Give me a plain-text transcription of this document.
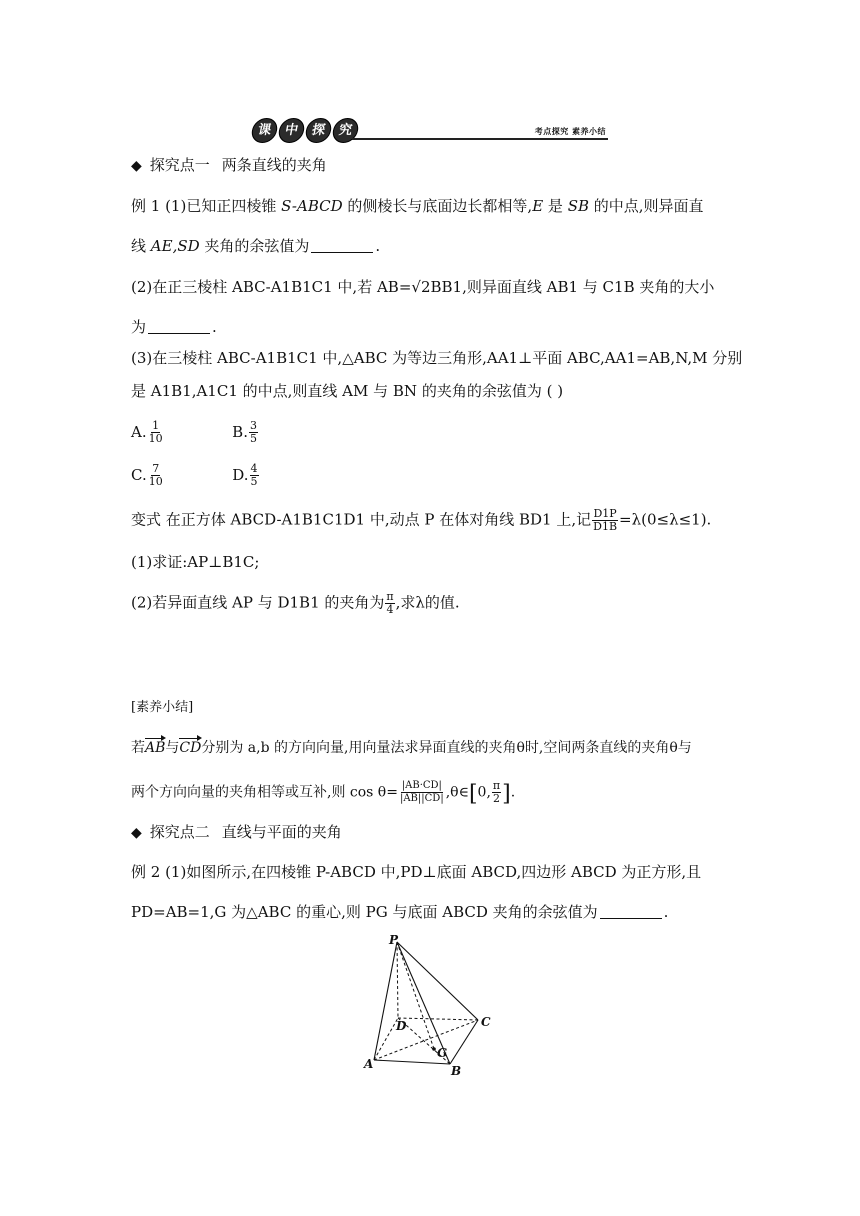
课 中 探 究	考点探究 素养小结
◆ 探究点一 两条直线的夹角
例 1 (1)已知正四棱锥 S-ABCD 的侧棱长与底面边长都相等,E 是 SB 的中点,则异面直
线 AE,SD 夹角的余弦值为	.
(2)在正三棱柱 ABC-A1B1C1 中,若 AB=√2BB1,则异面直线 AB1 与 C1B 夹角的大小
为	.
(3)在三棱柱 ABC-A1B1C1 中,△ABC 为等边三角形,AA1⊥平面 ABC,AA1=AB,N,M 分别
是 A1B1,A1C1 的中点,则直线 AM 与 BN 的夹角的余弦值为 ( )
A. $\frac{1}{10}$	B. $\frac{3}{5}$
C. $\frac{7}{10}$	D. $\frac{4}{5}$
变式 在正方体 ABCD-A1B1C1D1 中,动点 P 在体对角线 BD1 上,记 $\frac{D1P}{D1B} =\lambda(0\le\lambda\le 1)$.
(1)求证:AP⊥B1C;
(2)若异面直线 AP 与 D1B1 的夹角为 $\frac{\pi}{4}$ ,求λ的值.
[素养小结]
若AB与CD分别为 a,b 的方向向量,用向量法求异面直线的夹角θ时,空间两条直线的夹角θ与
两个方向向量的夹角相等或互补,则 $\cos \theta= \frac{|AB\cdot CD|}{|AB||CD|}$ ,θ∈[0, $\frac{\pi}{2}$ ].
◆ 探究点二 直线与平面的夹角
例 2 (1)如图所示,在四棱锥 P-ABCD 中,PD⊥底面 ABCD,四边形 ABCD 为正方形,且
PD=AB=1,G 为△ABC 的重心,则 PG 与底面 ABCD 夹角的余弦值为	.
P
D	C
A	B
G
